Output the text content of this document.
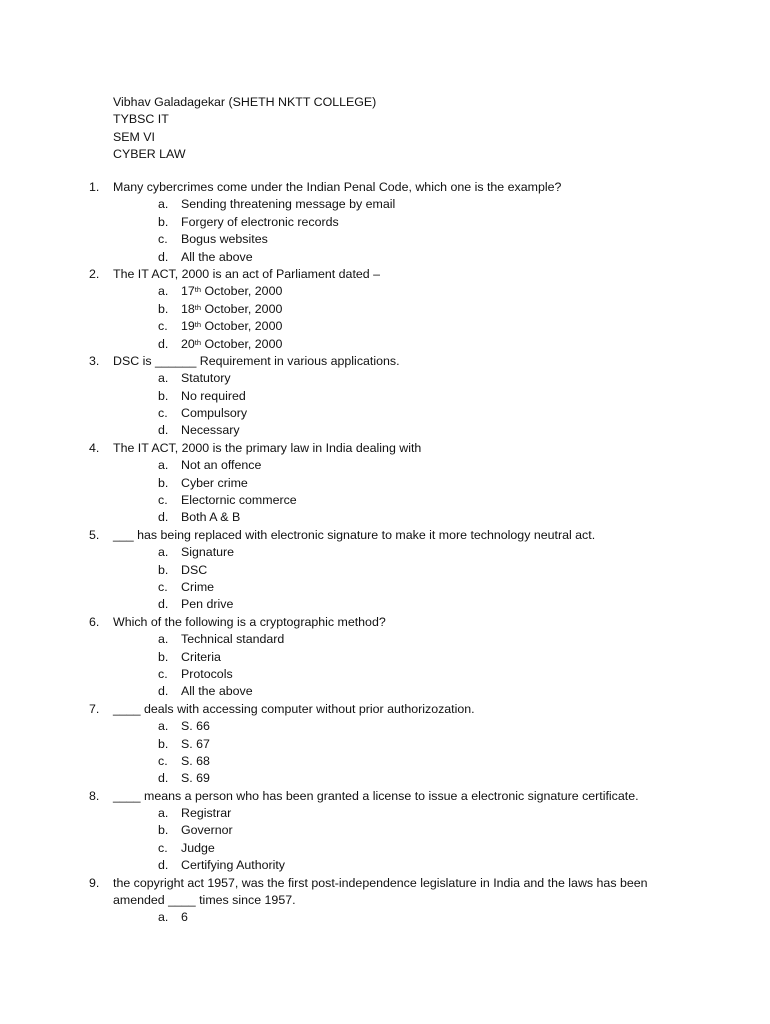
Vibhav Galadagekar (SHETH NKTT COLLEGE)
TYBSC IT
SEM VI
CYBER LAW
1. Many cybercrimes come under the Indian Penal Code, which one is the example?
a. Sending threatening message by email
b. Forgery of electronic records
c. Bogus websites
d. All the above
2. The IT ACT, 2000 is an act of Parliament dated –
a. 17th October, 2000
b. 18th October, 2000
c. 19th October, 2000
d. 20th October, 2000
3. DSC is ______ Requirement in various applications.
a. Statutory
b. No required
c. Compulsory
d. Necessary
4. The IT ACT, 2000 is the primary law in India dealing with
a. Not an offence
b. Cyber crime
c. Electornic commerce
d. Both A & B
5. ___ has being replaced with electronic signature to make it more technology neutral act.
a. Signature
b. DSC
c. Crime
d. Pen drive
6. Which of the following is a cryptographic method?
a. Technical standard
b. Criteria
c. Protocols
d. All the above
7. ____ deals with accessing computer without prior authorizozation.
a. S. 66
b. S. 67
c. S. 68
d. S. 69
8. ____ means a person who has been granted a license to issue a electronic signature certificate.
a. Registrar
b. Governor
c. Judge
d. Certifying Authority
9. the copyright act 1957, was the first post-independence legislature in India and the laws has been
amended ____ times since 1957.
a. 6
